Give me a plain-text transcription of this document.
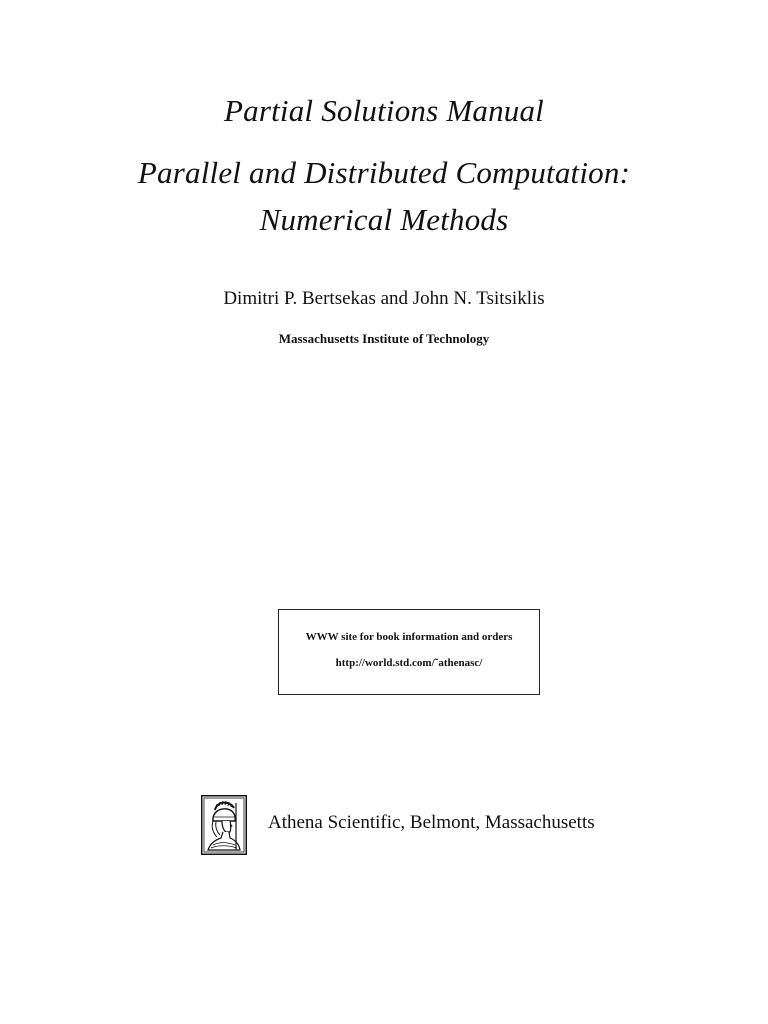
Partial Solutions Manual
Parallel and Distributed Computation:
Numerical Methods
Dimitri P. Bertsekas and John N. Tsitsiklis
Massachusetts Institute of Technology
WWW site for book information and orders
http://world.std.com/˜athenasc/
Athena Scientific, Belmont, Massachusetts
